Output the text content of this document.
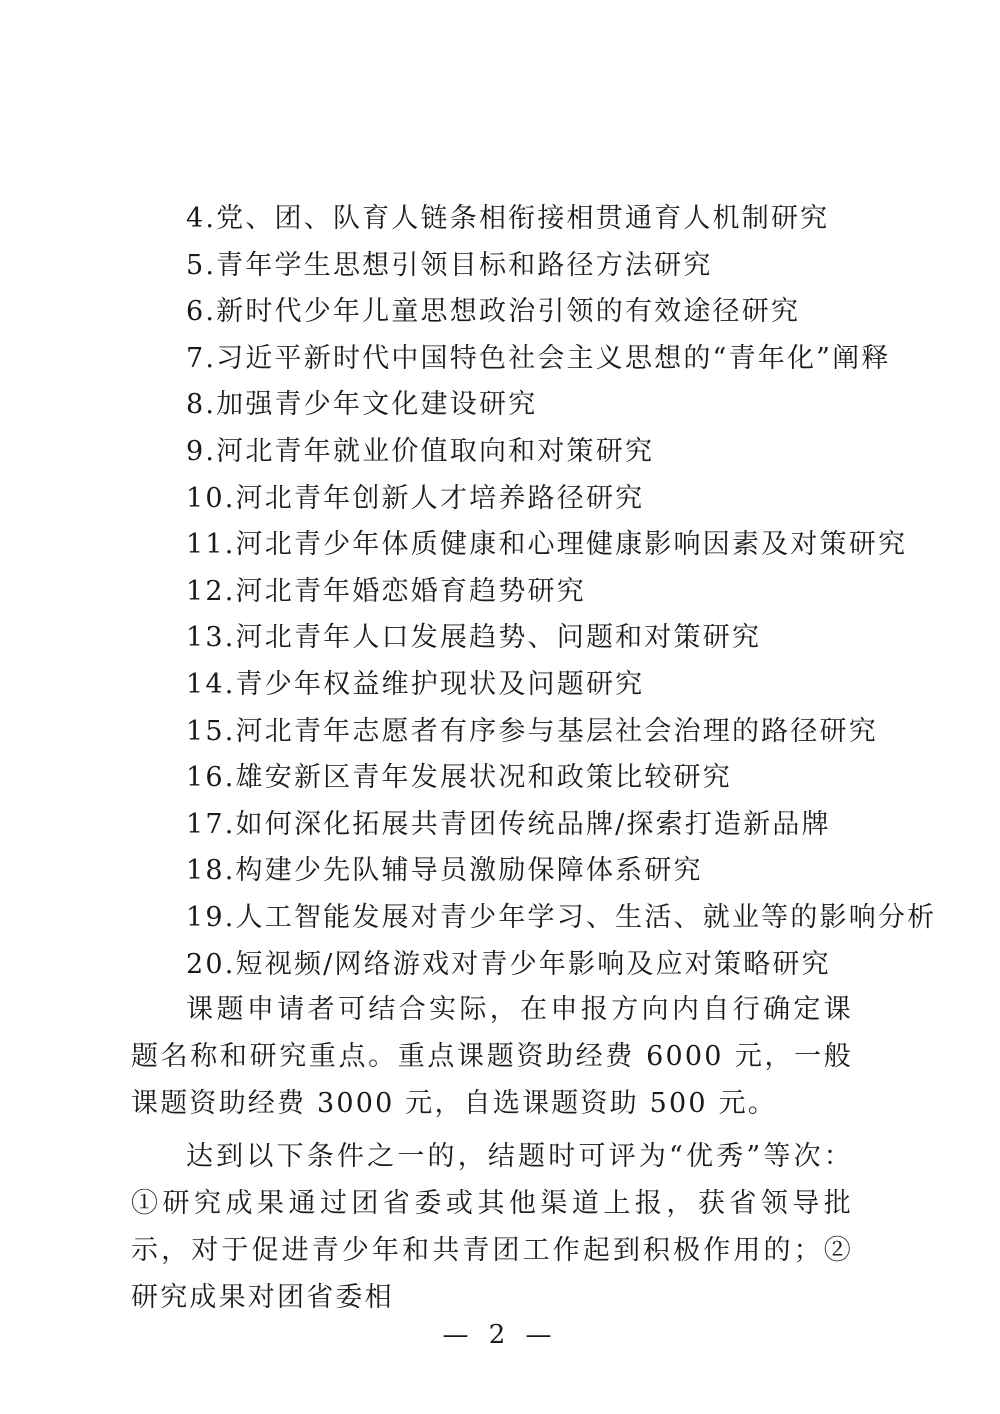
4.党、团、队育人链条相衔接相贯通育人机制研究
5.青年学生思想引领目标和路径方法研究
6.新时代少年儿童思想政治引领的有效途径研究
7.习近平新时代中国特色社会主义思想的“青年化”阐释
8.加强青少年文化建设研究
9.河北青年就业价值取向和对策研究
10.河北青年创新人才培养路径研究
11.河北青少年体质健康和心理健康影响因素及对策研究
12.河北青年婚恋婚育趋势研究
13.河北青年人口发展趋势、问题和对策研究
14.青少年权益维护现状及问题研究
15.河北青年志愿者有序参与基层社会治理的路径研究
16.雄安新区青年发展状况和政策比较研究
17.如何深化拓展共青团传统品牌/探索打造新品牌
18.构建少先队辅导员激励保障体系研究
19.人工智能发展对青少年学习、生活、就业等的影响分析
20.短视频/网络游戏对青少年影响及应对策略研究

课题申请者可结合实际，在申报方向内自行确定课题名称和研究重点。重点课题资助经费 6000 元，一般课题资助经费 3000 元，自选课题资助 500 元。

达到以下条件之一的，结题时可评为“优秀”等次：①研究成果通过团省委或其他渠道上报，获省领导批示，对于促进青少年和共青团工作起到积极作用的；②研究成果对团省委相

— 2 —
